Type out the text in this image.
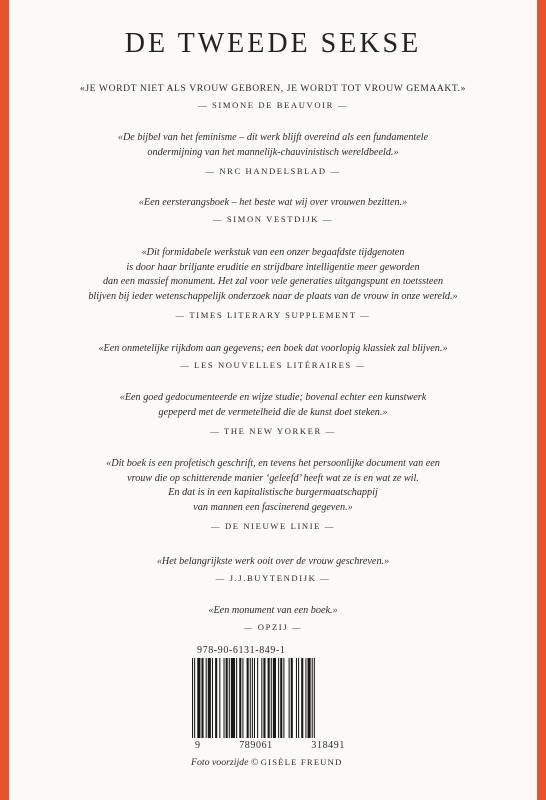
DE TWEEDE SEKSE
«JE WORDT NIET ALS VROUW GEBOREN, JE WORDT TOT VROUW GEMAAKT.»
— SIMONE DE BEAUVOIR —
«De bijbel van het feminisme – dit werk blijft overeind als een fundamentele
ondermijning van het mannelijk-chauvinistisch wereldbeeld.»
— NRC HANDELSBLAD —
«Een eersterangsboek – het beste wat wij over vrouwen bezitten.»
— SIMON VESTDIJK —
«Dit formidabele werkstuk van een onzer begaafdste tijdgenoten
is door haar briljante eruditie en strijdbare intelligentie meer geworden
dan een massief monument. Het zal voor vele generaties uitgangspunt en toetssteen
blijven bij ieder wetenschappelijk onderzoek naar de plaats van de vrouw in onze wereld.»
— TIMES LITERARY SUPPLEMENT —
«Een onmetelijke rijkdom aan gegevens; een boek dat voorlopig klassiek zal blijven.»
— LES NOUVELLES LITÉRAIRES —
«Een goed gedocumenteerde en wijze studie; bovenal echter een kunstwerk
gepeperd met de vermetelheid die de kunst doet steken.»
— THE NEW YORKER —
«Dit boek is een profetisch geschrift, en tevens het persoonlijke document van een
vrouw die op schitterende manier ‘geleefd’ heeft wat ze is en wat ze wil.
En dat is in een kapitalistische burgermaatschappij
van mannen een fascinerend gegeven.»
— DE NIEUWE LINIE —
«Het belangrijkste werk ooit over de vrouw geschreven.»
— J.J.BUYTENDIJK —
«Een monument van een boek.»
— OPZIJ —
978-90-6131-849-1
9	789061	318491
Foto voorzijde © GISÈLE FREUND
